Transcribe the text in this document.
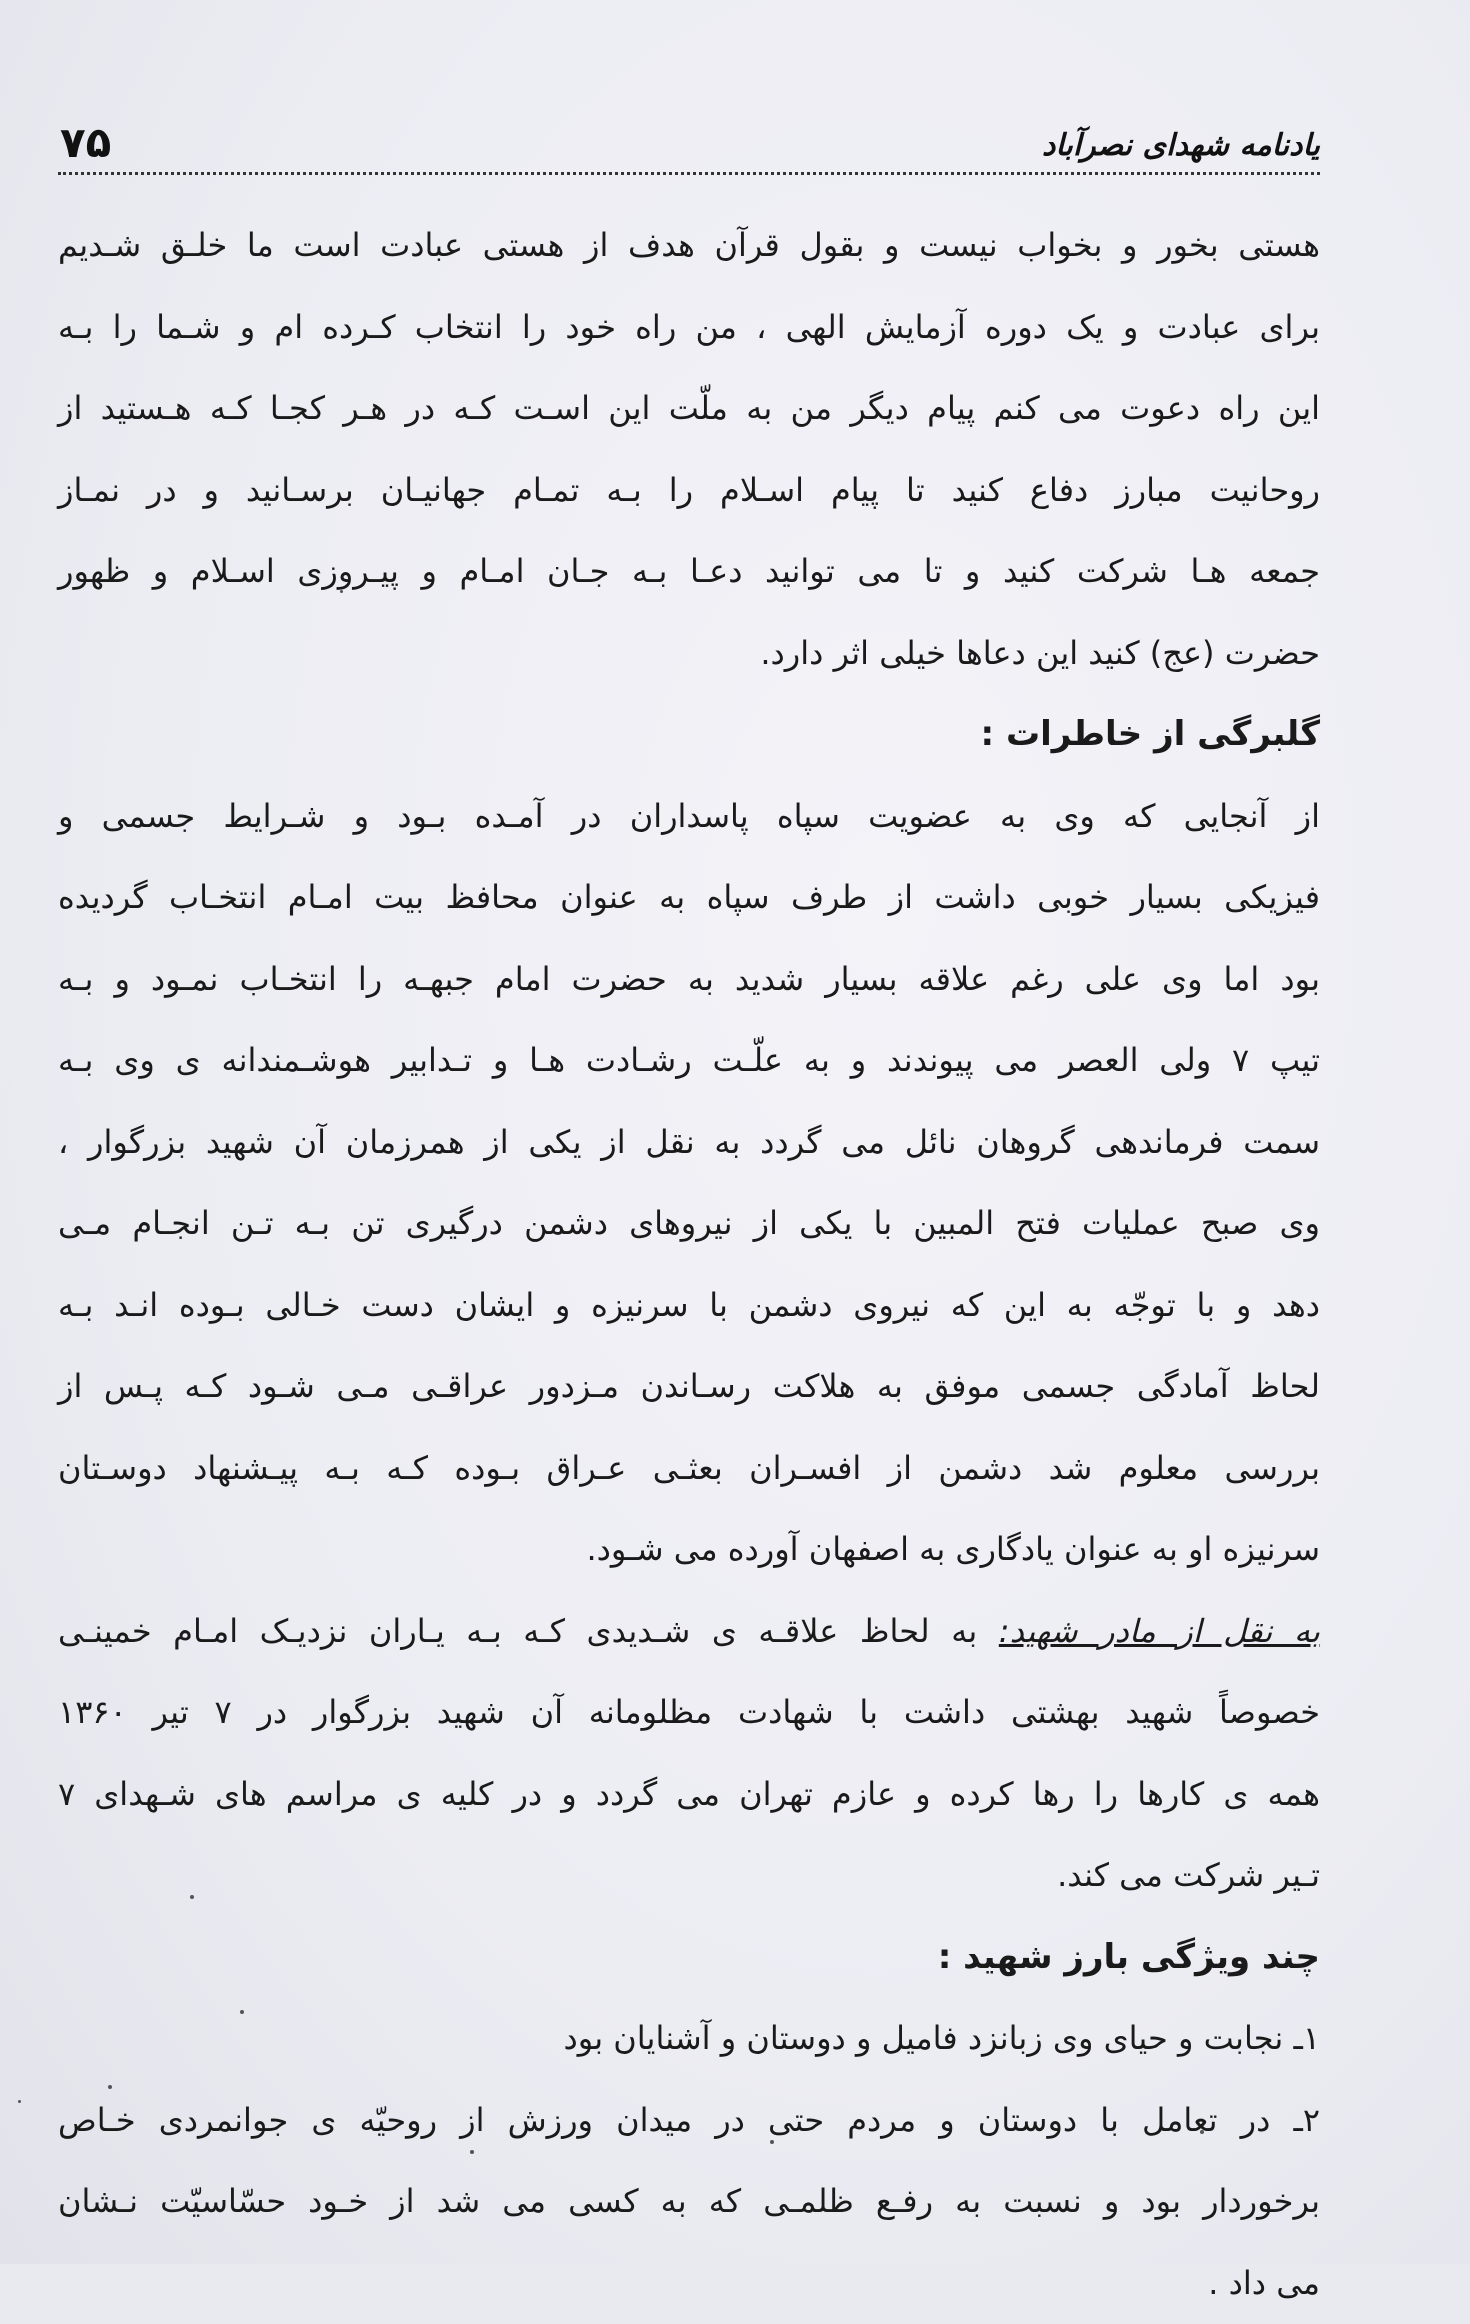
۷۵	یادنامه شهدای نصرآباد
هستی بخور و بخواب نیست و بقول قرآن هدف از هستی عبادت است ما خلـق شـدیم
برای عبادت و یک دوره آزمایش الهی ، من راه خود را انتخاب کـرده ام و شـما را بـه
این راه دعوت می کنم پیام دیگر من به ملّت این اسـت کـه در هـر کجـا کـه هـستید از
روحانیت مبارز دفاع کنید تا پیام اسـلام را بـه تمـام جهانیـان برسـانید و در نمـاز
جمعه هـا شرکت کنید و تا می توانید دعـا بـه جـان امـام و پیـروزی اسـلام و ظهور
حضرت (عج) کنید این دعاها خیلی اثر دارد.
گلبرگی از خاطرات :
از آنجایی که وی به عضویت سپاه پاسداران در آمـده بـود و شـرایط جسمی و
فیزیکی بسیار خوبی داشت از طرف سپاه به عنوان محافظ بیت امـام انتخـاب گردیده
بود اما وی علی رغم علاقه بسیار شدید به حضرت امام جبهـه را انتخـاب نمـود و بـه
تیپ ۷ ولی العصر می پیوندند و به علّـت رشـادت هـا و تـدابیر هوشـمندانه ی وی بـه
سمت فرماندهی گروهان نائل می گردد به نقل از یکی از همرزمان آن شهید بزرگوار ،
وی صبح عملیات فتح المبین با یکی از نیروهای دشمن درگیری تن بـه تـن انجـام مـی
دهد و با توجّه به این که نیروی دشمن با سرنیزه و ایشان دست خـالی بـوده انـد بـه
لحاظ آمادگی جسمی موفق به هلاکت رسـاندن مـزدور عراقـی مـی شـود کـه پـس از
بررسی معلوم شد دشمن از افسـران بعثـی عـراق بـوده کـه بـه پیـشنهاد دوسـتان
سرنیزه او به عنوان یادگاری به اصفهان آورده می شـود.
به نقل از مادر شهید: به لحاظ علاقـه ی شـدیدی کـه بـه یـاران نزدیـک امـام خمینـی
خصوصاً شهید بهشتی داشت با شهادت مظلومانه آن شهید بزرگوار در ۷ تیر ۱۳۶۰
همه ی کارها را رها کرده و عازم تهران می گردد و در کلیه ی مراسم های شـهدای ۷
تـیر شرکت می کند.
چند ویژگی بارز شهید :
۱ـ نجابت و حیای وی زبانزد فامیل و دوستان و آشنایان بود
۲ـ در تعامل با دوستان و مردم حتی در میدان ورزش از روحیّه ی جوانمردی خـاص
برخوردار بود و نسبت به رفـع ظلمـی که به کسی می شد از خـود حسّاسیّت نـشان
می داد .
